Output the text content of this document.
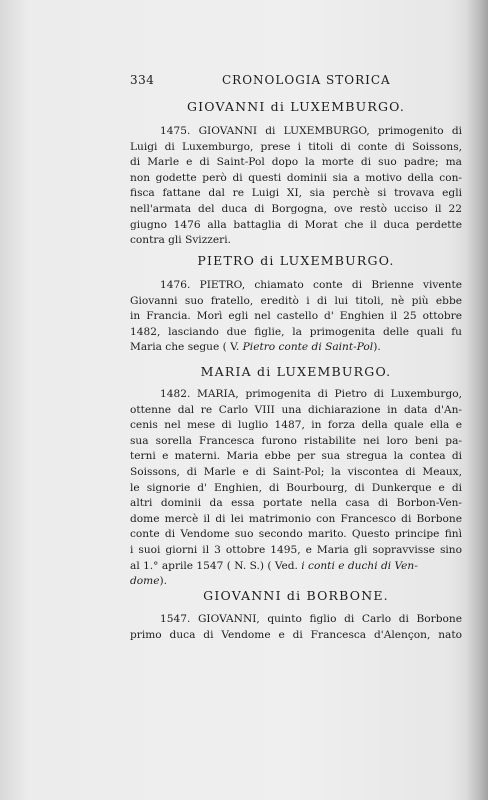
334	CRONOLOGIA STORICA
GIOVANNI di LUXEMBURGO.
1475. GIOVANNI di LUXEMBURGO, primogenito di
Luigi di Luxemburgo, prese i titoli di conte di Soissons,
di Marle e di Saint-Pol dopo la morte di suo padre; ma
non godette però di questi dominii sia a motivo della con-
fisca fattane dal re Luigi XI, sia perchè si trovava egli
nell'armata del duca di Borgogna, ove restò ucciso il 22
giugno 1476 alla battaglia di Morat che il duca perdette
contra gli Svizzeri.
PIETRO di LUXEMBURGO.
1476. PIETRO, chiamato conte di Brienne vivente
Giovanni suo fratello, ereditò i di lui titoli, nè più ebbe
in Francia. Morì egli nel castello d' Enghien il 25 ottobre
1482, lasciando due figlie, la primogenita delle quali fu
Maria che segue ( V. Pietro conte di Saint-Pol).
MARIA di LUXEMBURGO.
1482. MARIA, primogenita di Pietro di Luxemburgo,
ottenne dal re Carlo VIII una dichiarazione in data d'An-
cenis nel mese di luglio 1487, in forza della quale ella e
sua sorella Francesca furono ristabilite nei loro beni pa-
terni e materni. Maria ebbe per sua stregua la contea di
Soissons, di Marle e di Saint-Pol; la viscontea di Meaux,
le signorie d' Enghien, di Bourbourg, di Dunkerque e di
altri dominii da essa portate nella casa di Borbon-Ven-
dome mercè il di lei matrimonio con Francesco di Borbone
conte di Vendome suo secondo marito. Questo principe finì
i suoi giorni il 3 ottobre 1495, e Maria gli sopravvisse sino
al 1.° aprile 1547 ( N. S.) ( Ved. i conti e duchi di Ven-
dome).
GIOVANNI di BORBONE.
1547. GIOVANNI, quinto figlio di Carlo di Borbone
primo duca di Vendome e di Francesca d'Alençon, nato
